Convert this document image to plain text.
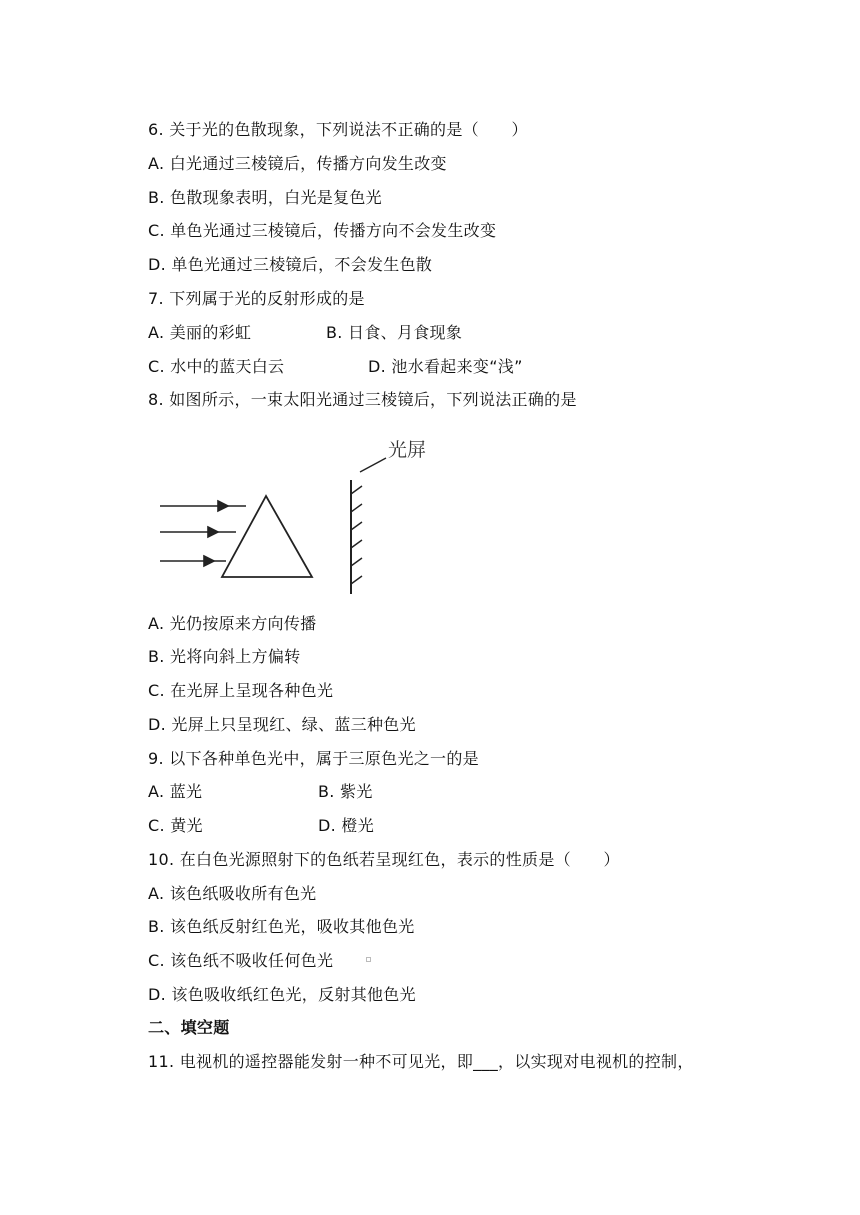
6. 关于光的色散现象，下列说法不正确的是（　　）
A. 白光通过三棱镜后，传播方向发生改变
B. 色散现象表明，白光是复色光
C. 单色光通过三棱镜后，传播方向不会发生改变
D. 单色光通过三棱镜后，不会发生色散
7. 下列属于光的反射形成的是
A. 美丽的彩虹	B. 日食、月食现象
C. 水中的蓝天白云	D. 池水看起来变“浅”
8. 如图所示，一束太阳光通过三棱镜后，下列说法正确的是
光屏
A. 光仍按原来方向传播
B. 光将向斜上方偏转
C. 在光屏上呈现各种色光
D. 光屏上只呈现红、绿、蓝三种色光
9. 以下各种单色光中，属于三原色光之一的是
A. 蓝光	B. 紫光
C. 黄光	D. 橙光
10. 在白色光源照射下的色纸若呈现红色，表示的性质是（　　）
A. 该色纸吸收所有色光
B. 该色纸反射红色光，吸收其他色光
C. 该色纸不吸收任何色光
D. 该色吸收纸红色光，反射其他色光
二、填空题
11. 电视机的遥控器能发射一种不可见光，即___，以实现对电视机的控制，
